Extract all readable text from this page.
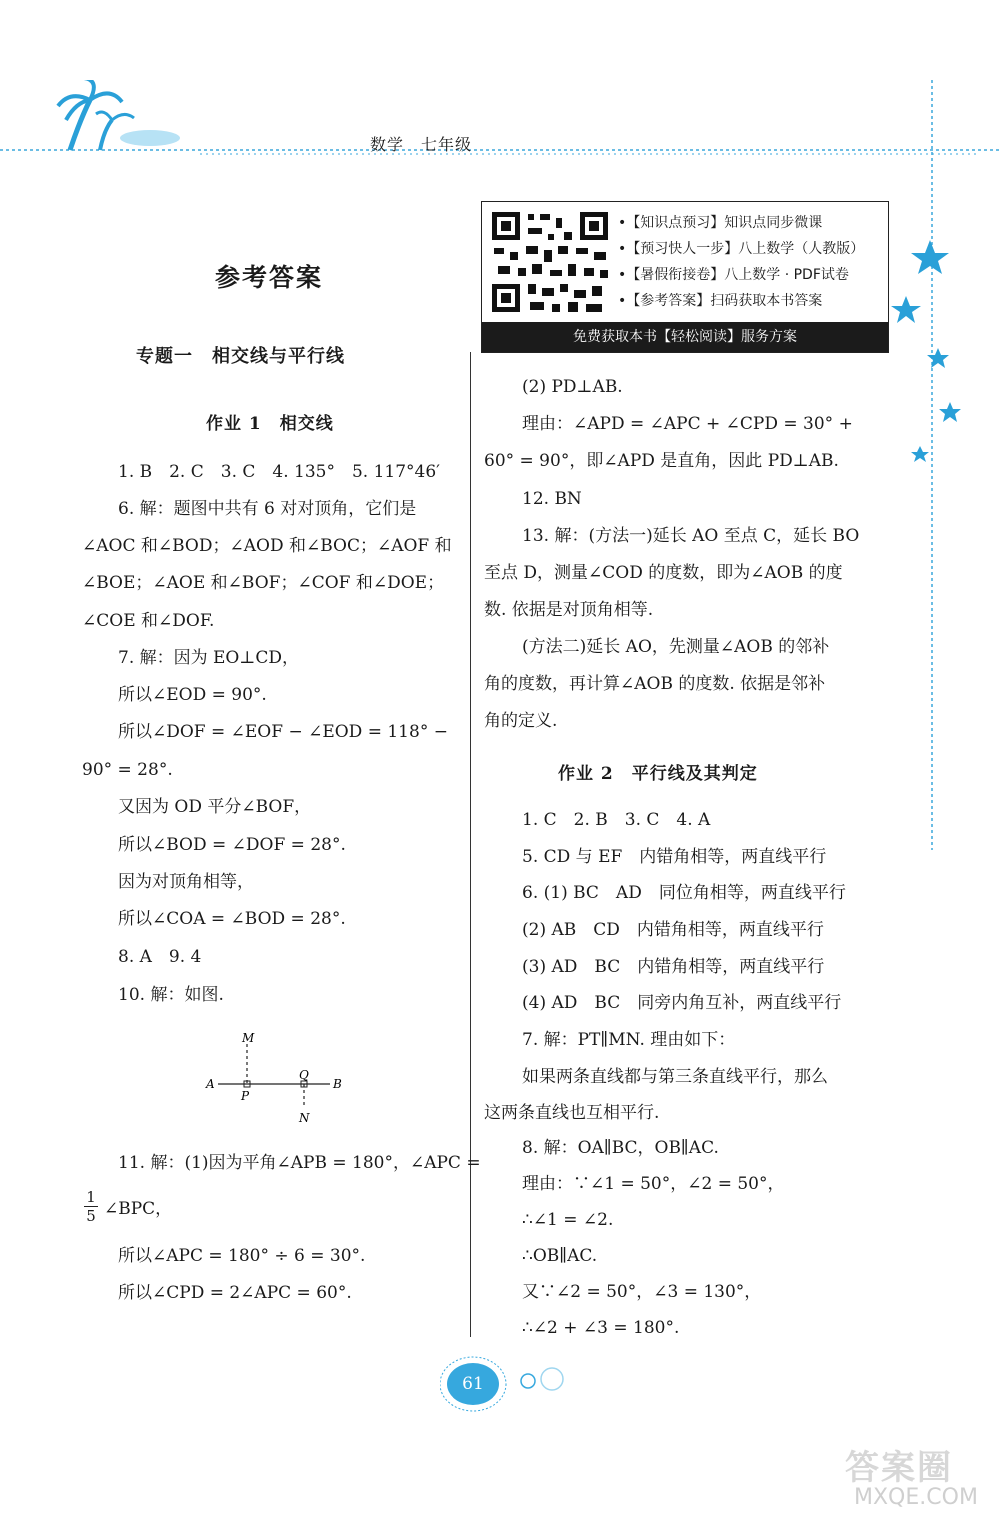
数学　七年级
参考答案
专题一　相交线与平行线
•【知识点预习】知识点同步微课
•【预习快人一步】八上数学（人教版）
•【暑假衔接卷】八上数学 · PDF试卷
•【参考答案】扫码获取本书答案
免费获取本书【轻松阅读】服务方案
作业 1　相交线
1. B　2. C　3. C　4. 135°　5. 117°46′
6. 解：题图中共有 6 对对顶角，它们是
∠AOC 和∠BOD；∠AOD 和∠BOC；∠AOF 和
∠BOE；∠AOE 和∠BOF；∠COF 和∠DOE；
∠COE 和∠DOF.
7. 解：因为 EO⊥CD，
所以∠EOD = 90°.
所以∠DOF = ∠EOF − ∠EOD = 118° −
90° = 28°.
又因为 OD 平分∠BOF，
所以∠BOD = ∠DOF = 28°.
因为对顶角相等，
所以∠COA = ∠BOD = 28°.
8. A　9. 4
10. 解：如图.
M
A
P
Q
B
N
11. 解：(1)因为平角∠APB = 180°，∠APC =
$\frac{1}{5}$ ∠BPC，
所以∠APC = 180° ÷ 6 = 30°.
所以∠CPD = 2∠APC = 60°.
(2) PD⊥AB.
理由：∠APD = ∠APC + ∠CPD = 30° +
60° = 90°，即∠APD 是直角，因此 PD⊥AB.
12. BN
13. 解：(方法一)延长 AO 至点 C，延长 BO
至点 D，测量∠COD 的度数，即为∠AOB 的度
数. 依据是对顶角相等.
(方法二)延长 AO，先测量∠AOB 的邻补
角的度数，再计算∠AOB 的度数. 依据是邻补
角的定义.
作业 2　平行线及其判定
1. C　2. B　3. C　4. A
5. CD 与 EF　内错角相等，两直线平行
6. (1) BC　AD　同位角相等，两直线平行
(2) AB　CD　内错角相等，两直线平行
(3) AD　BC　内错角相等，两直线平行
(4) AD　BC　同旁内角互补，两直线平行
7. 解：PT∥MN. 理由如下：
如果两条直线都与第三条直线平行，那么
这两条直线也互相平行.
8. 解：OA∥BC，OB∥AC.
理由：∵∠1 = 50°，∠2 = 50°，
∴∠1 = ∠2.
∴OB∥AC.
又∵∠2 = 50°，∠3 = 130°，
∴∠2 + ∠3 = 180°.
61
答案圈
MXQE.COM
